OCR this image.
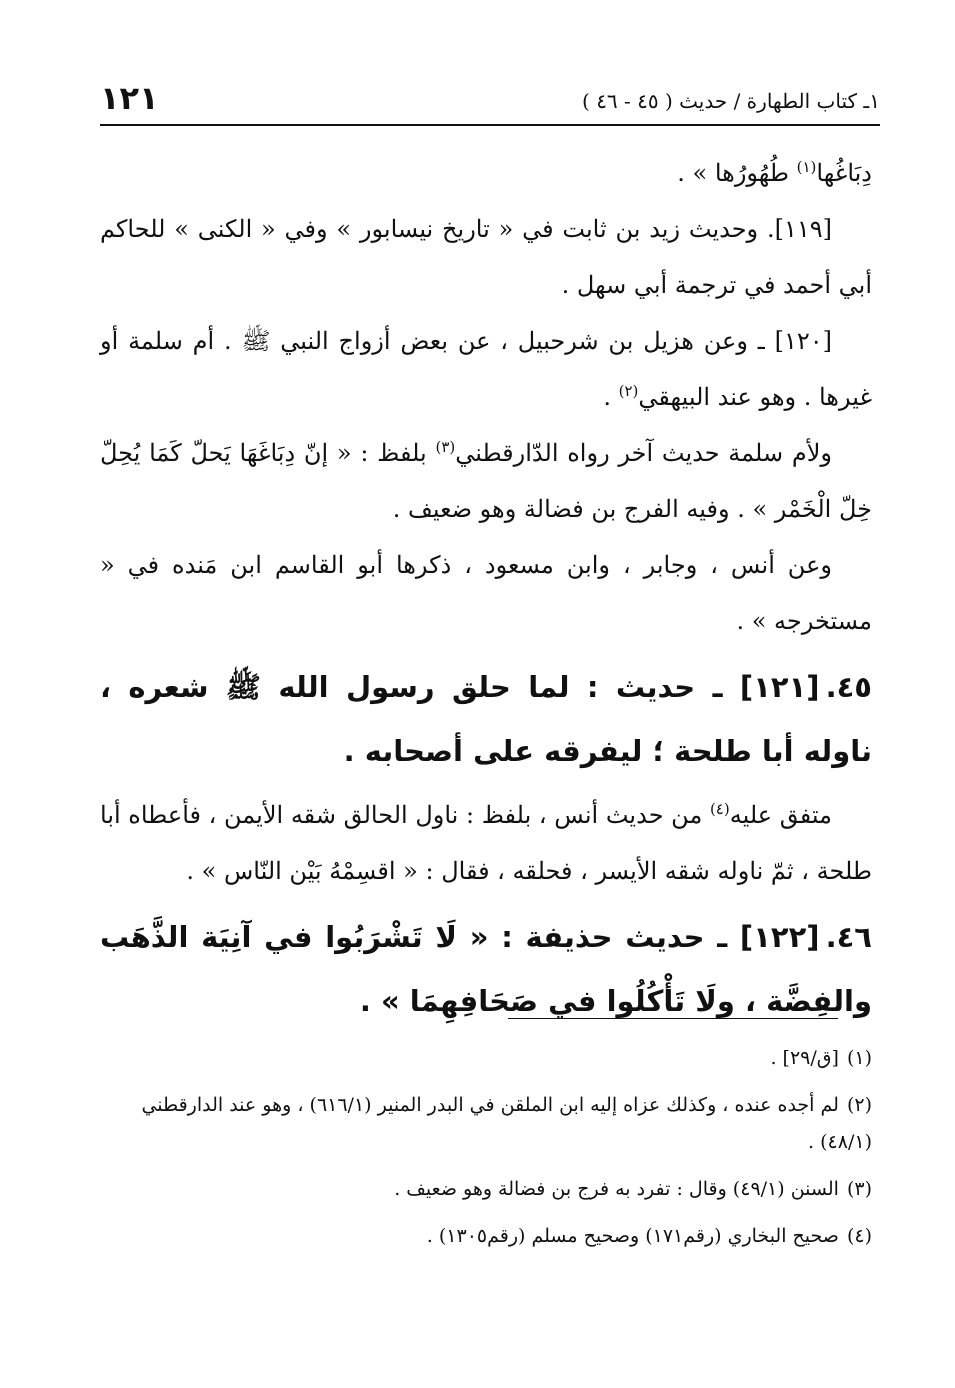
١٢١	١ـ كتاب الطهارة / حديث ( ٤٥ - ٤٦ )

دِبَاغُها$^{(١)}$ طُهُورُها » .

[١١٩]. وحديث زيد بن ثابت في « تاريخ نيسابور » وفي « الكنى » للحاكم أبي أحمد في ترجمة أبي سهل .

[١٢٠] ـ وعن هزيل بن شرحبيل ، عن بعض أزواج النبي ﷺ . أم سلمة أو غيرها . وهو عند البيهقي$^{(٢)}$ .

ولأم سلمة حديث آخر رواه الدّارقطني$^{(٣)}$ بلفظ : « إنّ دِبَاغَهَا يَحلّ كَمَا يُحِلّ خِلّ الْخَمْر » . وفيه الفرج بن فضالة وهو ضعيف .

وعن أنس ، وجابر ، وابن مسعود ، ذكرها أبو القاسم ابن مَنده في « مستخرجه » .

٤٥.[١٢١] ـ حديث : لما حلق رسول الله ﷺ شعره ، ناوله أبا طلحة ؛ ليفرقه على أصحابه .

متفق عليه$^{(٤)}$ من حديث أنس ، بلفظ : ناول الحالق شقه الأيمن ، فأعطاه أبا طلحة ، ثمّ ناوله شقه الأيسر ، فحلقه ، فقال : « اقسِمْهُ بَيْن النّاس » .

٤٦.[١٢٢] ـ حديث حذيفة : « لَا تَشْرَبُوا في آنِيَة الذَّهَب والفِضَّة ، ولَا تَأْكُلُوا في صَحَافِهِمَا » .

(١)[ق/٢٩] .

(٢)لم أجده عنده ، وكذلك عزاه إليه ابن الملقن في البدر المنير (٦١٦/١) ، وهو عند الدارقطني (٤٨/١) .

(٣)السنن (٤٩/١) وقال : تفرد به فرج بن فضالة وهو ضعيف .

(٤)صحيح البخاري (رقم١٧١) وصحيح مسلم (رقم١٣٠٥) .
